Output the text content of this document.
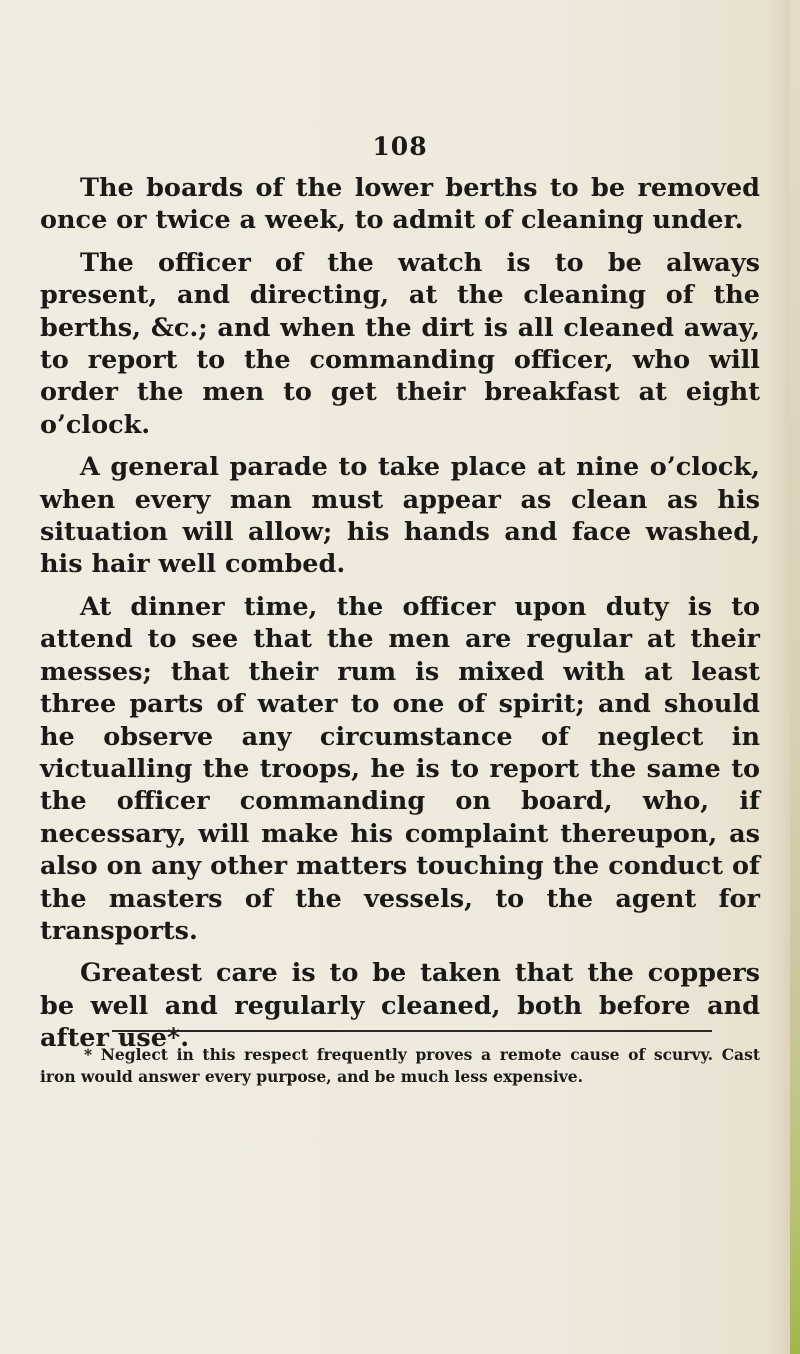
108

The boards of the lower berths to be removed once or twice a week, to admit of cleaning under.

The officer of the watch is to be always present, and directing, at the cleaning of the berths, &c.; and when the dirt is all cleaned away, to report to the commanding officer, who will order the men to get their breakfast at eight o’clock.

A general parade to take place at nine o’clock, when every man must appear as clean as his situation will allow; his hands and face washed, his hair well combed.

At dinner time, the officer upon duty is to attend to see that the men are regular at their messes; that their rum is mixed with at least three parts of water to one of spirit; and should he observe any circumstance of neglect in victualling the troops, he is to report the same to the officer commanding on board, who, if necessary, will make his complaint thereupon, as also on any other matters touching the conduct of the masters of the vessels, to the agent for transports.

Greatest care is to be taken that the coppers be well and regularly cleaned, both before and after use*.

* Neglect in this respect frequently proves a remote cause of scurvy. Cast iron would answer every purpose, and be much less expensive.
